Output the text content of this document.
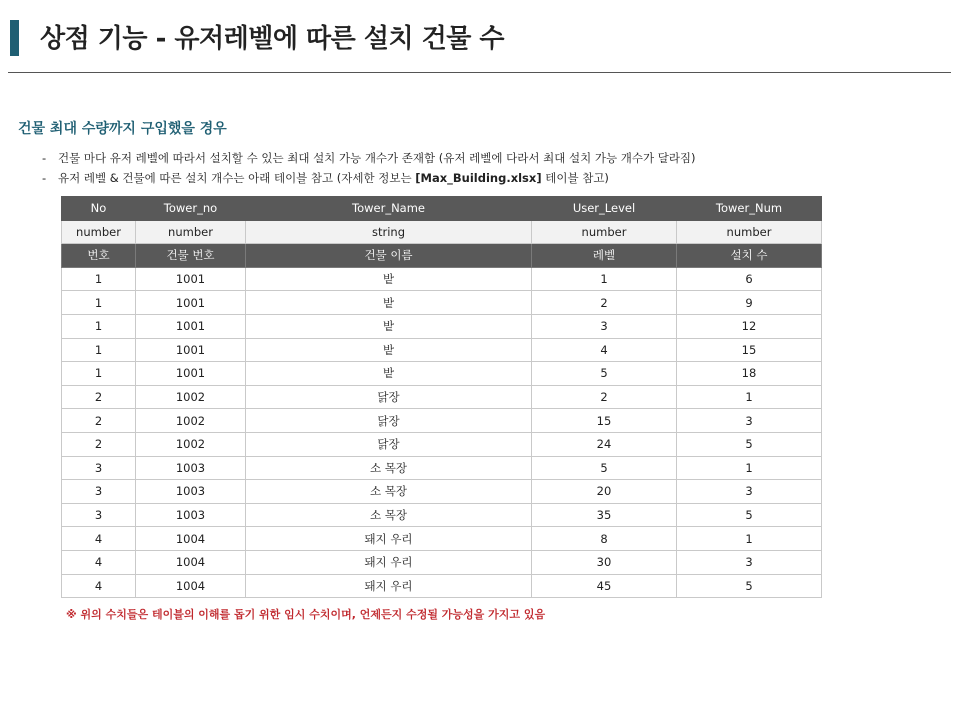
상점 기능 - 유저레벨에 따른 설치 건물 수
건물 최대 수량까지 구입했을 경우
- 건물 마다 유저 레벨에 따라서 설치할 수 있는 최대 설치 가능 개수가 존재함 (유저 레벨에 다라서 최대 설치 가능 개수가 달라짐)
- 유저 레벨 & 건물에 따른 설치 개수는 아래 테이블 참고 (자세한 정보는 [Max_Building.xlsx] 테이블 참고)
No	Tower_no	Tower_Name	User_Level	Tower_Num
number	number	string	number	number
번호	건물 번호	건물 이름	레벨	설치 수
1	1001	밭	1	6
1	1001	밭	2	9
1	1001	밭	3	12
1	1001	밭	4	15
1	1001	밭	5	18
2	1002	닭장	2	1
2	1002	닭장	15	3
2	1002	닭장	24	5
3	1003	소 목장	5	1
3	1003	소 목장	20	3
3	1003	소 목장	35	5
4	1004	돼지 우리	8	1
4	1004	돼지 우리	30	3
4	1004	돼지 우리	45	5
※ 위의 수치들은 테이블의 이해를 돕기 위한 임시 수치이며, 언제든지 수정될 가능성을 가지고 있음
